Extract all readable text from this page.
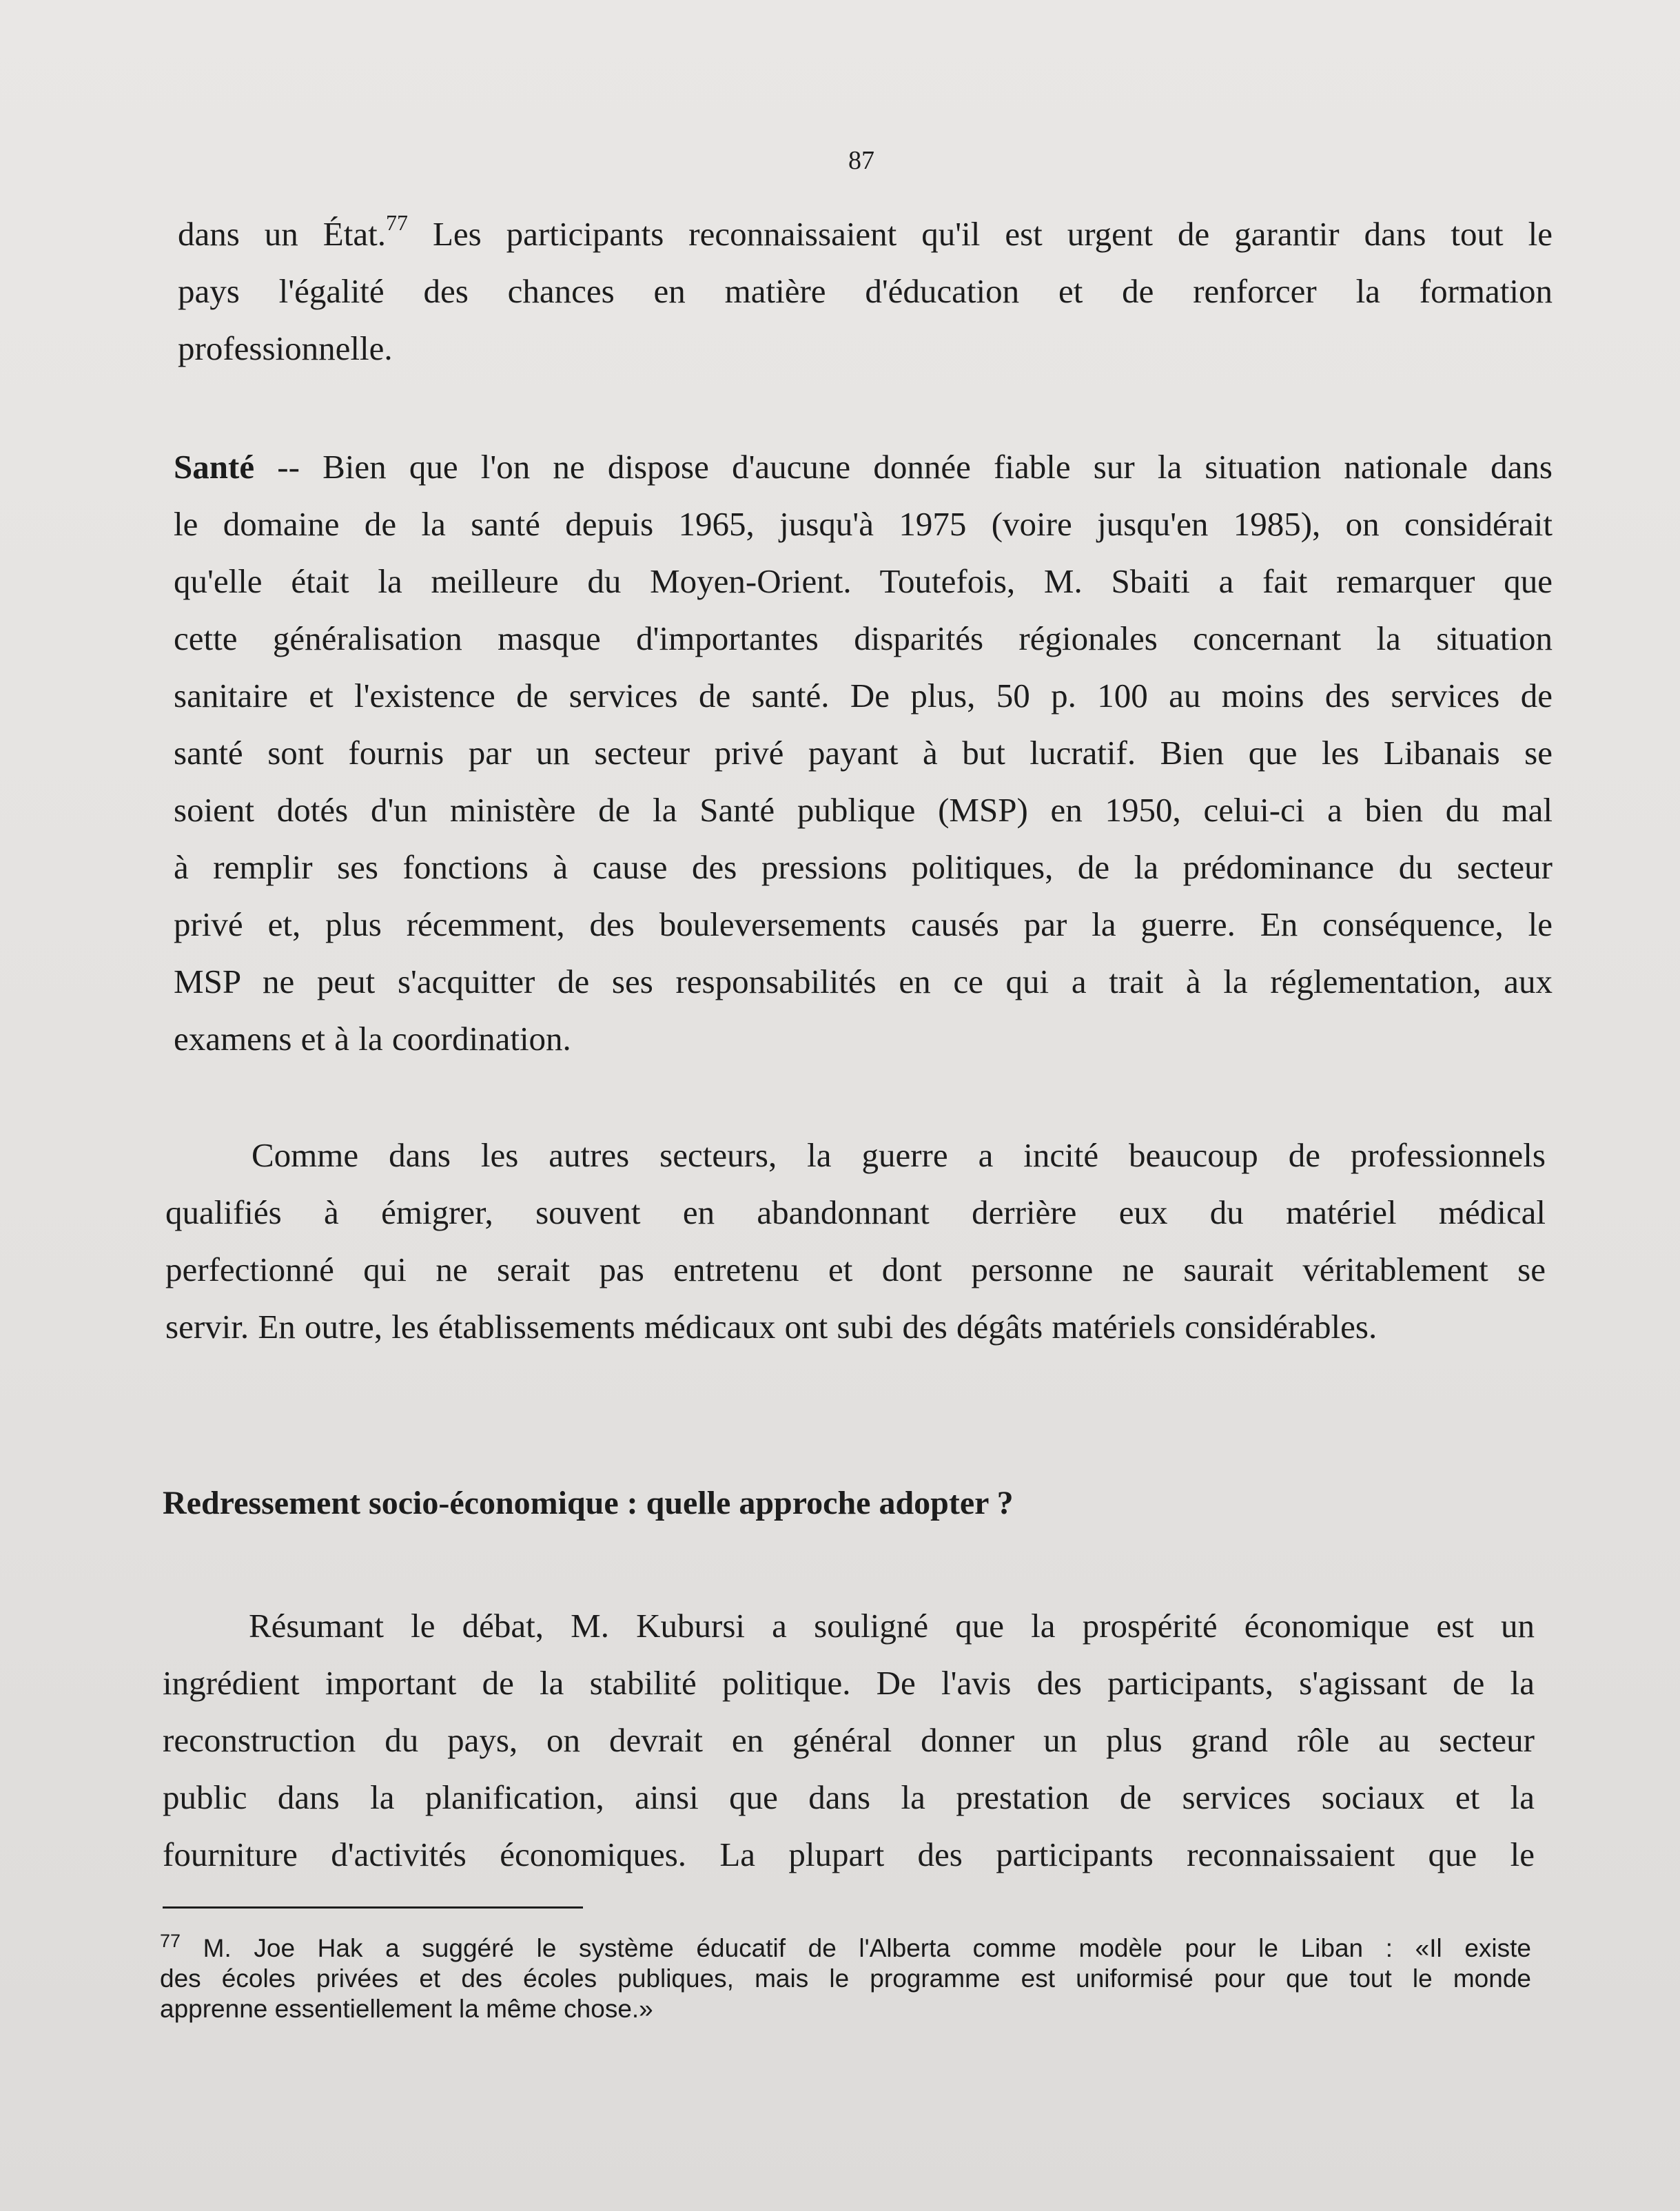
87
dans un État.$^{77}$ Les participants reconnaissaient qu'il est urgent de garantir dans tout le
pays l'égalité des chances en matière d'éducation et de renforcer la formation
professionnelle.
Santé -- Bien que l'on ne dispose d'aucune donnée fiable sur la situation nationale dans
le domaine de la santé depuis 1965, jusqu'à 1975 (voire jusqu'en 1985), on considérait
qu'elle était la meilleure du Moyen-Orient. Toutefois, M. Sbaiti a fait remarquer que
cette généralisation masque d'importantes disparités régionales concernant la situation
sanitaire et l'existence de services de santé. De plus, 50 p. 100 au moins des services de
santé sont fournis par un secteur privé payant à but lucratif. Bien que les Libanais se
soient dotés d'un ministère de la Santé publique (MSP) en 1950, celui-ci a bien du mal
à remplir ses fonctions à cause des pressions politiques, de la prédominance du secteur
privé et, plus récemment, des bouleversements causés par la guerre. En conséquence, le
MSP ne peut s'acquitter de ses responsabilités en ce qui a trait à la réglementation, aux
examens et à la coordination.
Comme dans les autres secteurs, la guerre a incité beaucoup de professionnels
qualifiés à émigrer, souvent en abandonnant derrière eux du matériel médical
perfectionné qui ne serait pas entretenu et dont personne ne saurait véritablement se
servir. En outre, les établissements médicaux ont subi des dégâts matériels considérables.
Redressement socio-économique : quelle approche adopter ?
Résumant le débat, M. Kubursi a souligné que la prospérité économique est un
ingrédient important de la stabilité politique. De l'avis des participants, s'agissant de la
reconstruction du pays, on devrait en général donner un plus grand rôle au secteur
public dans la planification, ainsi que dans la prestation de services sociaux et la
fourniture d'activités économiques. La plupart des participants reconnaissaient que le
$^{77}$ M. Joe Hak a suggéré le système éducatif de l'Alberta comme modèle pour le Liban : «Il existe
des écoles privées et des écoles publiques, mais le programme est uniformisé pour que tout le monde
apprenne essentiellement la même chose.»
